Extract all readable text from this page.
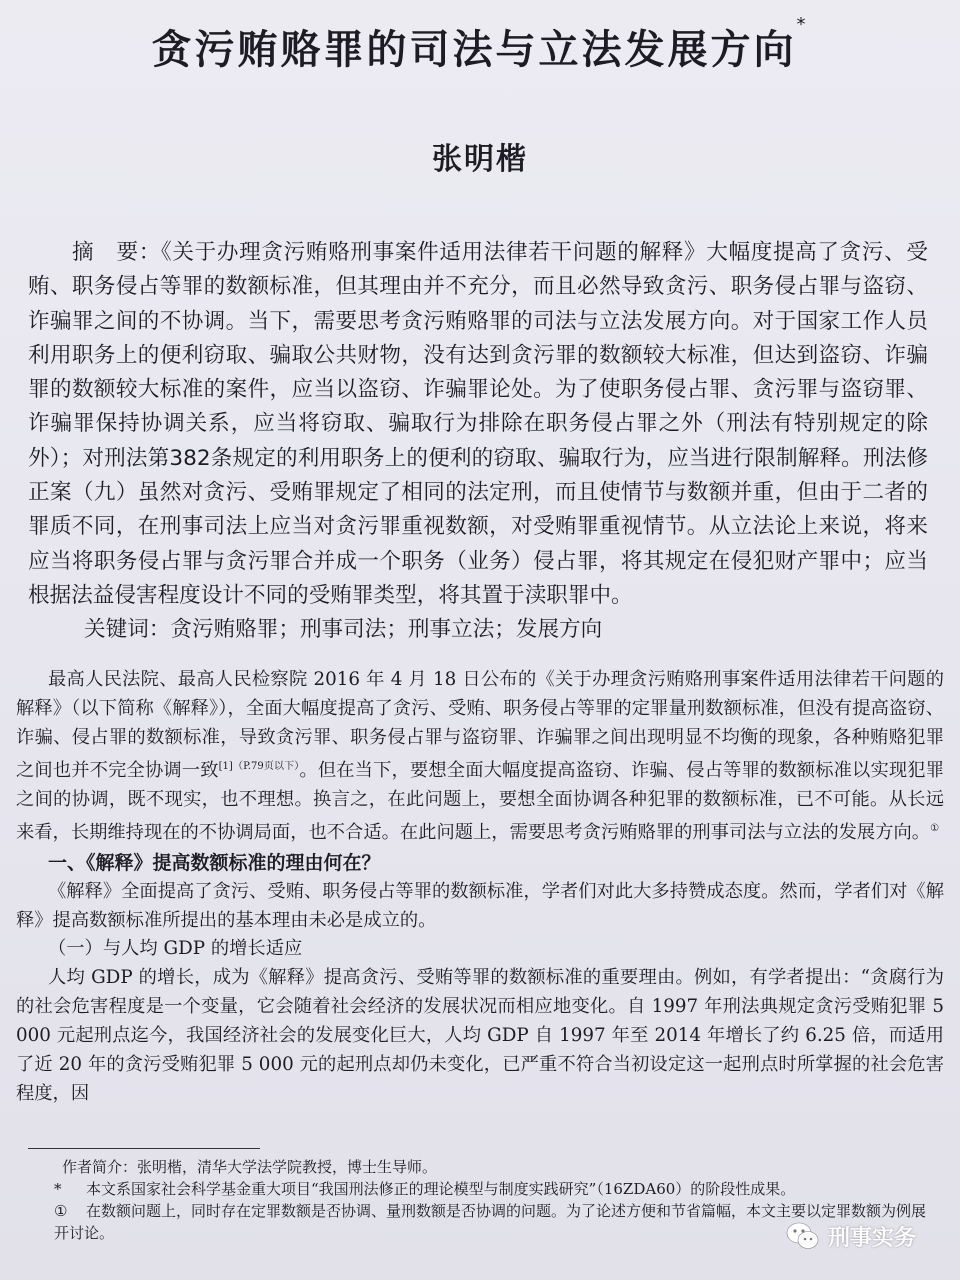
贪污贿赂罪的司法与立法发展方向*
张明楷

摘　要：《关于办理贪污贿赂刑事案件适用法律若干问题的解释》大幅度提高了贪污、受贿、职务侵占等罪的数额标准，但其理由并不充分，而且必然导致贪污、职务侵占罪与盗窃、诈骗罪之间的不协调。当下，需要思考贪污贿赂罪的司法与立法发展方向。对于国家工作人员利用职务上的便利窃取、骗取公共财物，没有达到贪污罪的数额较大标准，但达到盗窃、诈骗罪的数额较大标准的案件，应当以盗窃、诈骗罪论处。为了使职务侵占罪、贪污罪与盗窃罪、诈骗罪保持协调关系，应当将窃取、骗取行为排除在职务侵占罪之外（刑法有特别规定的除外）；对刑法第382条规定的利用职务上的便利的窃取、骗取行为，应当进行限制解释。刑法修正案（九）虽然对贪污、受贿罪规定了相同的法定刑，而且使情节与数额并重，但由于二者的罪质不同，在刑事司法上应当对贪污罪重视数额，对受贿罪重视情节。从立法论上来说，将来应当将职务侵占罪与贪污罪合并成一个职务（业务）侵占罪，将其规定在侵犯财产罪中；应当根据法益侵害程度设计不同的受贿罪类型，将其置于渎职罪中。

关键词：贪污贿赂罪；刑事司法；刑事立法；发展方向

最高人民法院、最高人民检察院 2016 年 4 月 18 日公布的《关于办理贪污贿赂刑事案件适用法律若干问题的解释》（以下简称《解释》），全面大幅度提高了贪污、受贿、职务侵占等罪的定罪量刑数额标准，但没有提高盗窃、诈骗、侵占罪的数额标准，导致贪污罪、职务侵占罪与盗窃罪、诈骗罪之间出现明显不均衡的现象，各种贿赂犯罪之间也并不完全协调一致$^{[1](P.79页以下)}$。但在当下，要想全面大幅度提高盗窃、诈骗、侵占等罪的数额标准以实现犯罪之间的协调，既不现实，也不理想。换言之，在此问题上，要想全面协调各种犯罪的数额标准，已不可能。从长远来看，长期维持现在的不协调局面，也不合适。在此问题上，需要思考贪污贿赂罪的刑事司法与立法的发展方向。①

一、《解释》提高数额标准的理由何在？

《解释》全面提高了贪污、受贿、职务侵占等罪的数额标准，学者们对此大多持赞成态度。然而，学者们对《解释》提高数额标准所提出的基本理由未必是成立的。

（一）与人均 GDP 的增长适应

人均 GDP 的增长，成为《解释》提高贪污、受贿等罪的数额标准的重要理由。例如，有学者提出：“贪腐行为的社会危害程度是一个变量，它会随着社会经济的发展状况而相应地变化。自 1997 年刑法典规定贪污受贿犯罪 5 000 元起刑点迄今，我国经济社会的发展变化巨大，人均 GDP 自 1997 年至 2014 年增长了约 6.25 倍，而适用了近 20 年的贪污受贿犯罪 5 000 元的起刑点却仍未变化，已严重不符合当初设定这一起刑点时所掌握的社会危害程度，因

作者简介：张明楷，清华大学法学院教授，博士生导师。

* 本文系国家社会科学基金重大项目“我国刑法修正的理论模型与制度实践研究”（16ZDA60）的阶段性成果。

① 在数额问题上，同时存在定罪数额是否协调、量刑数额是否协调的问题。为了论述方便和节省篇幅，本文主要以定罪数额为例展开讨论。	刑事实务
